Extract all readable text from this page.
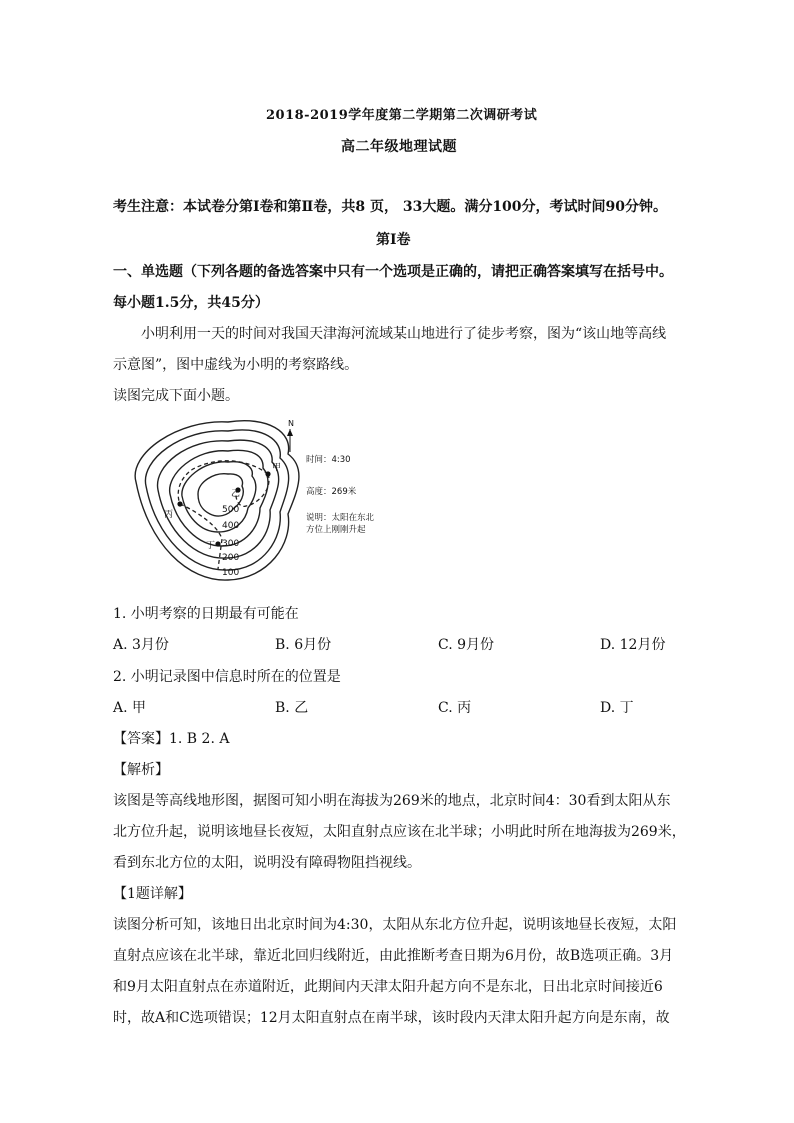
2018-2019学年度第二学期第二次调研考试
高二年级地理试题
考生注意：本试卷分第Ⅰ卷和第Ⅱ卷，共8 页， 33大题。满分100分，考试时间90分钟。
第Ⅰ卷
一、单选题（下列各题的备选答案中只有一个选项是正确的，请把正确答案填写在括号中。
每小题1.5分，共45分）
小明利用一天的时间对我国天津海河流域某山地进行了徒步考察，图为“该山地等高线
示意图”，图中虚线为小明的考察路线。
读图完成下面小题。
甲
乙
丙
丁
500
400
300
200
100
N
时间：4:30
高度：269米
说明：太阳在东北
方位上刚刚升起
1. 小明考察的日期最有可能在
A. 3月份	B. 6月份	C. 9月份	D. 12月份
2. 小明记录图中信息时所在的位置是
A. 甲	B. 乙	C. 丙	D. 丁
【答案】1. B 2. A
【解析】
该图是等高线地形图，据图可知小明在海拔为269米的地点，北京时间4：30看到太阳从东
北方位升起，说明该地昼长夜短，太阳直射点应该在北半球；小明此时所在地海拔为269米，
看到东北方位的太阳，说明没有障碍物阻挡视线。
【1题详解】
读图分析可知，该地日出北京时间为4:30，太阳从东北方位升起，说明该地昼长夜短，太阳
直射点应该在北半球，靠近北回归线附近，由此推断考查日期为6月份，故B选项正确。3月
和9月太阳直射点在赤道附近，此期间内天津太阳升起方向不是东北，日出北京时间接近6
时，故A和C选项错误；12月太阳直射点在南半球，该时段内天津太阳升起方向是东南，故
